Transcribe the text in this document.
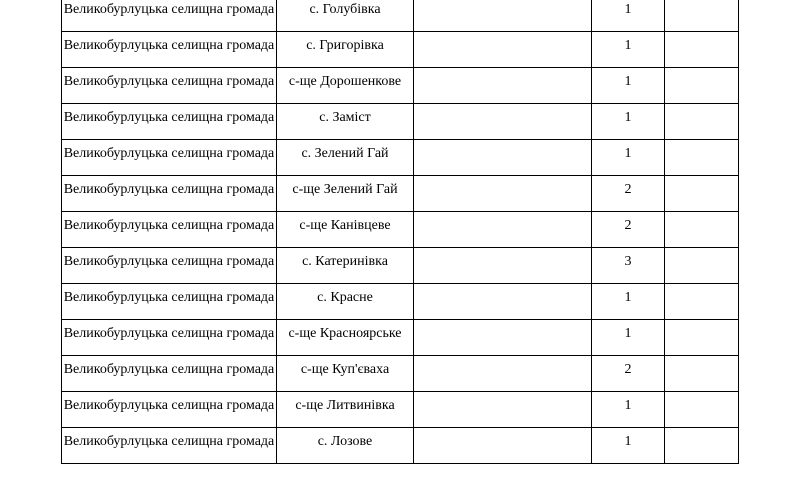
Великобурлуцька селищна громада	с. Голубівка		1	

Великобурлуцька селищна громада	с. Григорівка		1	

Великобурлуцька селищна громада	с-ще Дорошенкове		1	

Великобурлуцька селищна громада	с. Заміст		1	

Великобурлуцька селищна громада	с. Зелений Гай		1	

Великобурлуцька селищна громада	с-ще Зелений Гай		2	

Великобурлуцька селищна громада	с-ще Канівцеве		2	

Великобурлуцька селищна громада	с. Катеринівка		3	

Великобурлуцька селищна громада	с. Красне		1	

Великобурлуцька селищна громада	с-ще Красноярське		1	

Великобурлуцька селищна громада	с-ще Куп'єваха		2	

Великобурлуцька селищна громада	с-ще Литвинівка		1	

Великобурлуцька селищна громада	с. Лозове		1	
